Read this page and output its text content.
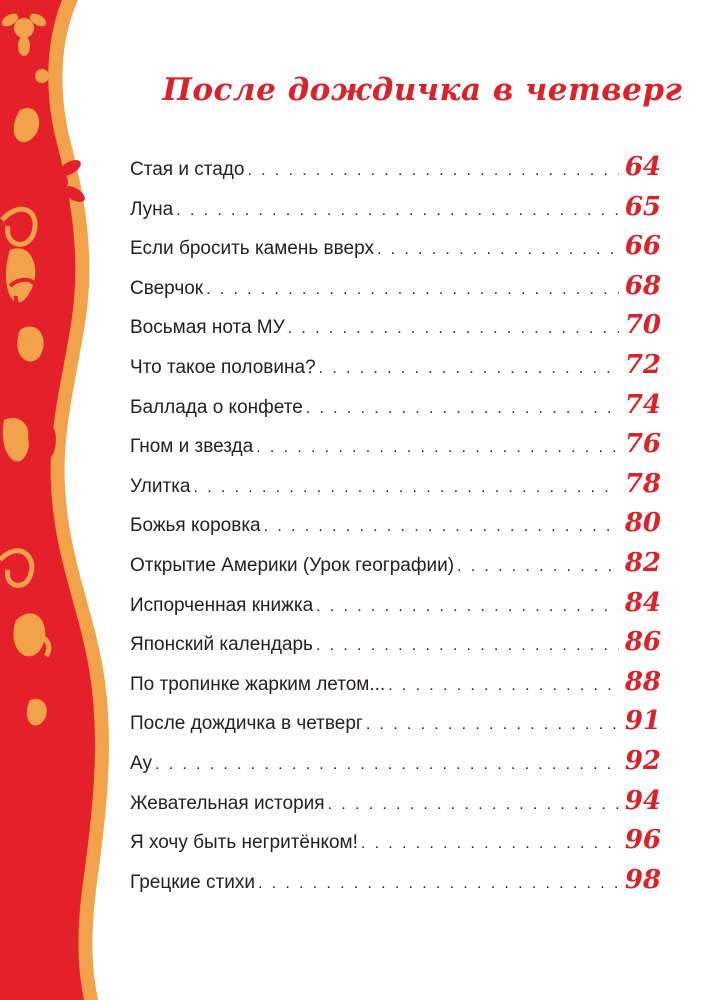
После дождичка в четверг
Стая и стадо . . .	64
Луна . . .	65
Если бросить камень вверх . . .	66
Сверчок . . .	68
Восьмая нота МУ . . .	70
Что такое половина? . . .	72
Баллада о конфете . . .	74
Гном и звезда . . .	76
Улитка . . .	78
Божья коровка . . .	80
Открытие Америки (Урок географии) . . .	82
Испорченная книжка . . .	84
Японский календарь . . .	86
По тропинке жарким летом... . . .	88
После дождичка в четверг . . .	91
Ау . . .	92
Жевательная история . . .	94
Я хочу быть негритёнком! . . .	96
Грецкие стихи . . .	98
